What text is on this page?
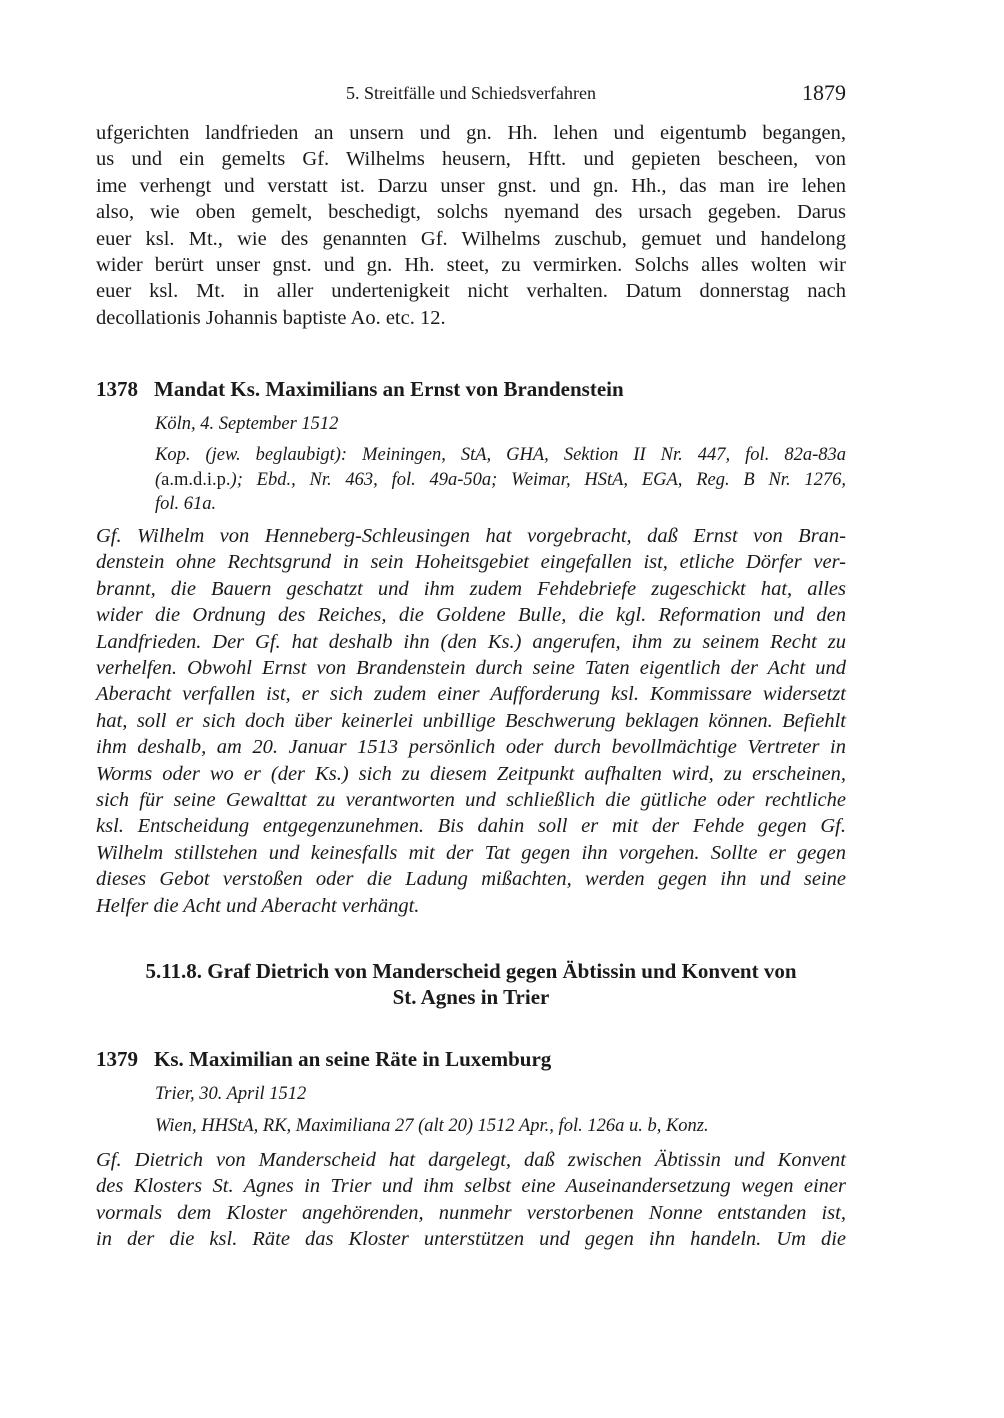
5. Streitfälle und Schiedsverfahren	1879
ufgerichten landfrieden an unsern und gn. Hh. lehen und eigentumb begangen,
us und ein gemelts Gf. Wilhelms heusern, Hftt. und gepieten bescheen, von
ime verhengt und verstatt ist. Darzu unser gnst. und gn. Hh., das man ire lehen
also, wie oben gemelt, beschedigt, solchs nyemand des ursach gegeben. Darus
euer ksl. Mt., wie des genannten Gf. Wilhelms zuschub, gemuet und handelong
wider berürt unser gnst. und gn. Hh. steet, zu vermirken. Solchs alles wolten wir
euer ksl. Mt. in aller undertenigkeit nicht verhalten. Datum donnerstag nach
decollationis Johannis baptiste Ao. etc. 12.
1378 Mandat Ks. Maximilians an Ernst von Brandenstein
Köln, 4. September 1512
Kop. (jew. beglaubigt): Meiningen, StA, GHA, Sektion II Nr. 447, fol. 82a-83a
(a.m.d.i.p.); Ebd., Nr. 463, fol. 49a-50a; Weimar, HStA, EGA, Reg. B Nr. 1276,
fol. 61a.
Gf. Wilhelm von Henneberg-Schleusingen hat vorgebracht, daß Ernst von Bran-
denstein ohne Rechtsgrund in sein Hoheitsgebiet eingefallen ist, etliche Dörfer ver-
brannt, die Bauern geschatzt und ihm zudem Fehdebriefe zugeschickt hat, alles
wider die Ordnung des Reiches, die Goldene Bulle, die kgl. Reformation und den
Landfrieden. Der Gf. hat deshalb ihn (den Ks.) angerufen, ihm zu seinem Recht zu
verhelfen. Obwohl Ernst von Brandenstein durch seine Taten eigentlich der Acht und
Aberacht verfallen ist, er sich zudem einer Aufforderung ksl. Kommissare widersetzt
hat, soll er sich doch über keinerlei unbillige Beschwerung beklagen können. Befiehlt
ihm deshalb, am 20. Januar 1513 persönlich oder durch bevollmächtige Vertreter in
Worms oder wo er (der Ks.) sich zu diesem Zeitpunkt aufhalten wird, zu erscheinen,
sich für seine Gewalttat zu verantworten und schließlich die gütliche oder rechtliche
ksl. Entscheidung entgegenzunehmen. Bis dahin soll er mit der Fehde gegen Gf.
Wilhelm stillstehen und keinesfalls mit der Tat gegen ihn vorgehen. Sollte er gegen
dieses Gebot verstoßen oder die Ladung mißachten, werden gegen ihn und seine
Helfer die Acht und Aberacht verhängt.
5.11.8. Graf Dietrich von Manderscheid gegen Äbtissin und Konvent von
St. Agnes in Trier
1379 Ks. Maximilian an seine Räte in Luxemburg
Trier, 30. April 1512
Wien, HHStA, RK, Maximiliana 27 (alt 20) 1512 Apr., fol. 126a u. b, Konz.
Gf. Dietrich von Manderscheid hat dargelegt, daß zwischen Äbtissin und Konvent
des Klosters St. Agnes in Trier und ihm selbst eine Auseinandersetzung wegen einer
vormals dem Kloster angehörenden, nunmehr verstorbenen Nonne entstanden ist,
in der die ksl. Räte das Kloster unterstützen und gegen ihn handeln. Um die
